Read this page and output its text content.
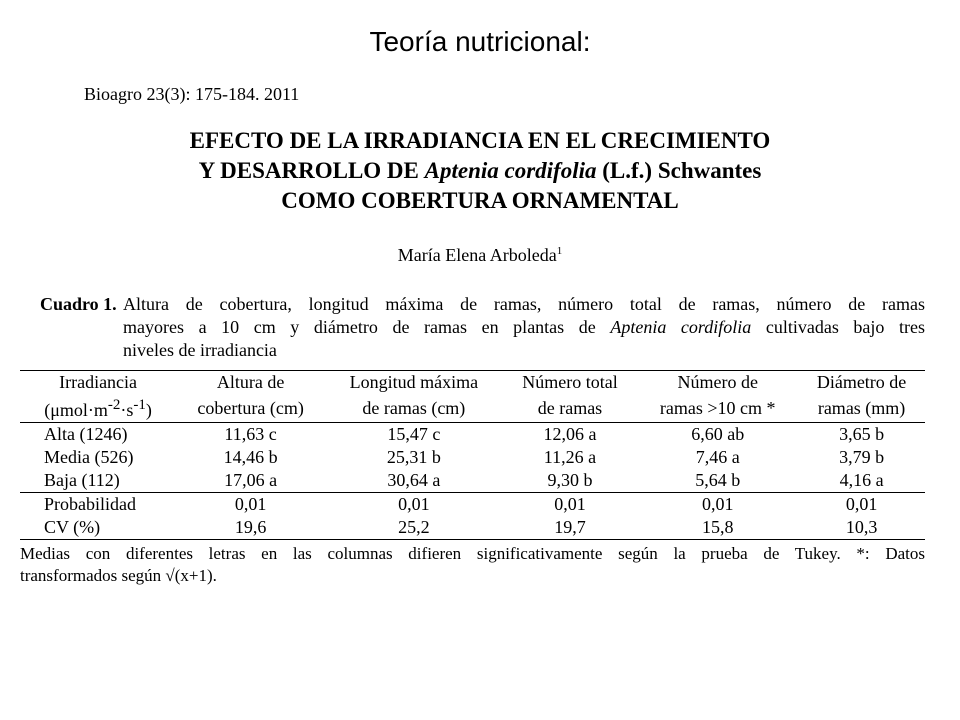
Teoría nutricional:
Bioagro 23(3): 175-184. 2011
EFECTO DE LA IRRADIANCIA EN EL CRECIMIENTO
Y DESARROLLO DE Aptenia cordifolia (L.f.) Schwantes
COMO COBERTURA ORNAMENTAL
María Elena Arboleda$^1$
Cuadro 1. Altura de cobertura, longitud máxima de ramas, número total de ramas, número de ramas
mayores a 10 cm y diámetro de ramas en plantas de Aptenia cordifolia cultivadas bajo tres
niveles de irradiancia
Irradiancia	Altura de	Longitud máxima	Número total	Número de	Diámetro de
$(\mu mol\cdot m^{-2}\cdot s^{-1})$	cobertura (cm)	de ramas (cm)	de ramas	ramas >10 cm *	ramas (mm)
Alta (1246)	11,63 c	15,47 c	12,06 a	6,60 ab	3,65 b
Media (526)	14,46 b	25,31 b	11,26 a	7,46 a	3,79 b
Baja (112)	17,06 a	30,64 a	9,30 b	5,64 b	4,16 a
Probabilidad	0,01	0,01	0,01	0,01	0,01
CV (%)	19,6	25,2	19,7	15,8	10,3
Medias con diferentes letras en las columnas difieren significativamente según la prueba de Tukey. *: Datos
transformados según √(x+1).
